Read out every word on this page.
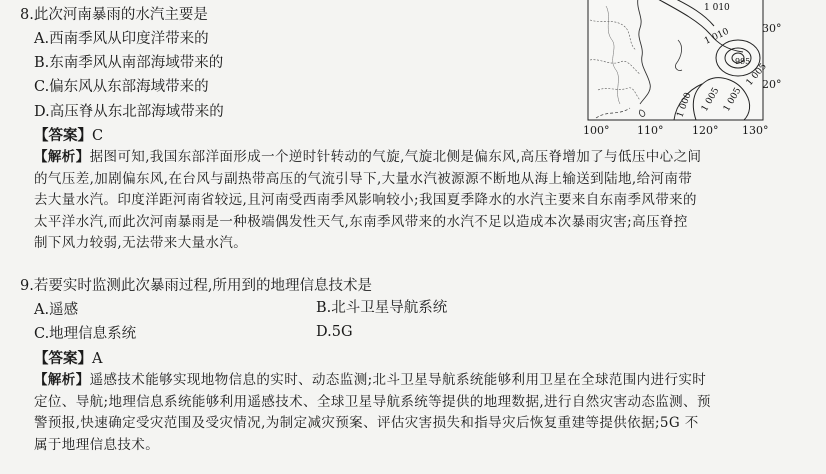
8.此次河南暴雨的水汽主要是
A.西南季风从印度洋带来的
B.东南季风从南部海域带来的
C.偏东风从东部海域带来的
D.高压脊从东北部海域带来的
【答案】C
【解析】据图可知,我国东部洋面形成一个逆时针转动的气旋,气旋北侧是偏东风,高压脊增加了与低压中心之间
的气压差,加剧偏东风,在台风与副热带高压的气流引导下,大量水汽被源源不断地从海上输送到陆地,给河南带
去大量水汽。印度洋距河南省较远,且河南受西南季风影响较小;我国夏季降水的水汽主要来自东南季风带来的
太平洋水汽,而此次河南暴雨是一种极端偶发性天气,东南季风带来的水汽不足以造成本次暴雨灾害;高压脊控
制下风力较弱,无法带来大量水汽。
9.若要实时监测此次暴雨过程,所用到的地理信息技术是
A.遥感	B.北斗卫星导航系统
C.地理信息系统	D.5G
【答案】A
【解析】遥感技术能够实现地物信息的实时、动态监测;北斗卫星导航系统能够利用卫星在全球范围内进行实时
定位、导航;地理信息系统能够利用遥感技术、全球卫星导航系统等提供的地理数据,进行自然灾害动态监测、预
警预报,快速确定受灾范围及受灾情况,为制定减灾预案、评估灾害损失和指导灾后恢复重建等提供依据;5G 不
属于地理信息技术。
1 010
1 010
995
1 005 1 005
1 000
1 005
100°	110°	120° 130°
30°
20°
